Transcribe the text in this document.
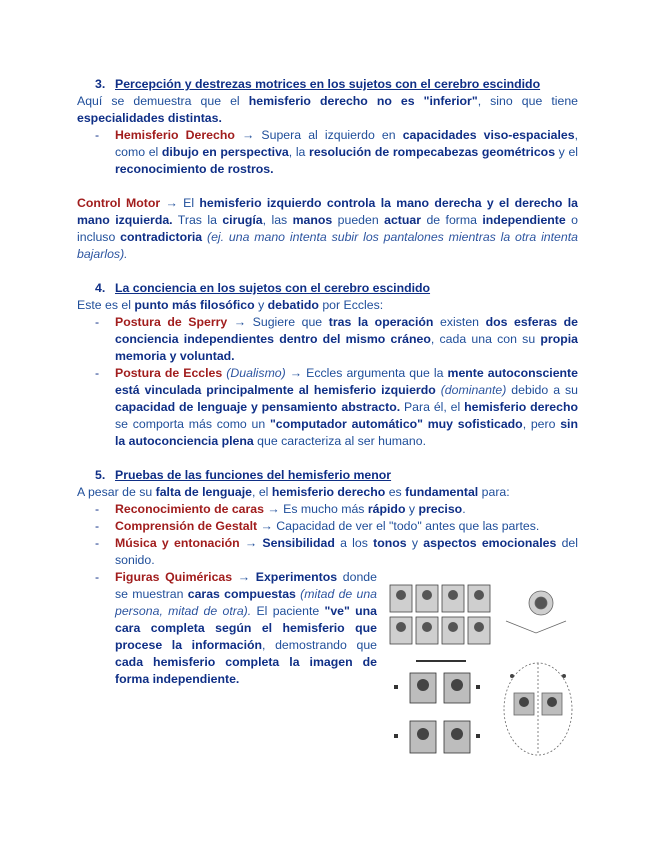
3. Percepción y destrezas motrices en los sujetos con el cerebro escindido

Aquí se demuestra que el hemisferio derecho no es "inferior", sino que tiene especialidades distintas.

- Hemisferio Derecho → Supera al izquierdo en capacidades viso-espaciales, como el dibujo en perspectiva, la resolución de rompecabezas geométricos y el reconocimiento de rostros.

Control Motor → El hemisferio izquierdo controla la mano derecha y el derecho la mano izquierda. Tras la cirugía, las manos pueden actuar de forma independiente o incluso contradictoria (ej. una mano intenta subir los pantalones mientras la otra intenta bajarlos).

4. La conciencia en los sujetos con el cerebro escindido

Este es el punto más filosófico y debatido por Eccles:

- Postura de Sperry → Sugiere que tras la operación existen dos esferas de conciencia independientes dentro del mismo cráneo, cada una con su propia memoria y voluntad.
- Postura de Eccles (Dualismo) → Eccles argumenta que la mente autoconsciente está vinculada principalmente al hemisferio izquierdo (dominante) debido a su capacidad de lenguaje y pensamiento abstracto. Para él, el hemisferio derecho se comporta más como un "computador automático" muy sofisticado, pero sin la autoconciencia plena que caracteriza al ser humano.
5. Pruebas de las funciones del hemisferio menor

A pesar de su falta de lenguaje, el hemisferio derecho es fundamental para:

- Reconocimiento de caras → Es mucho más rápido y preciso.
- Comprensión de Gestalt → Capacidad de ver el "todo" antes que las partes.
- Música y entonación → Sensibilidad a los tonos y aspectos emocionales del sonido.
- Figuras Quiméricas → Experimentos donde se muestran caras compuestas (mitad de una persona, mitad de otra). El paciente "ve" una cara completa según el hemisferio que procese la información, demostrando que cada hemisferio completa la imagen de forma independiente.
